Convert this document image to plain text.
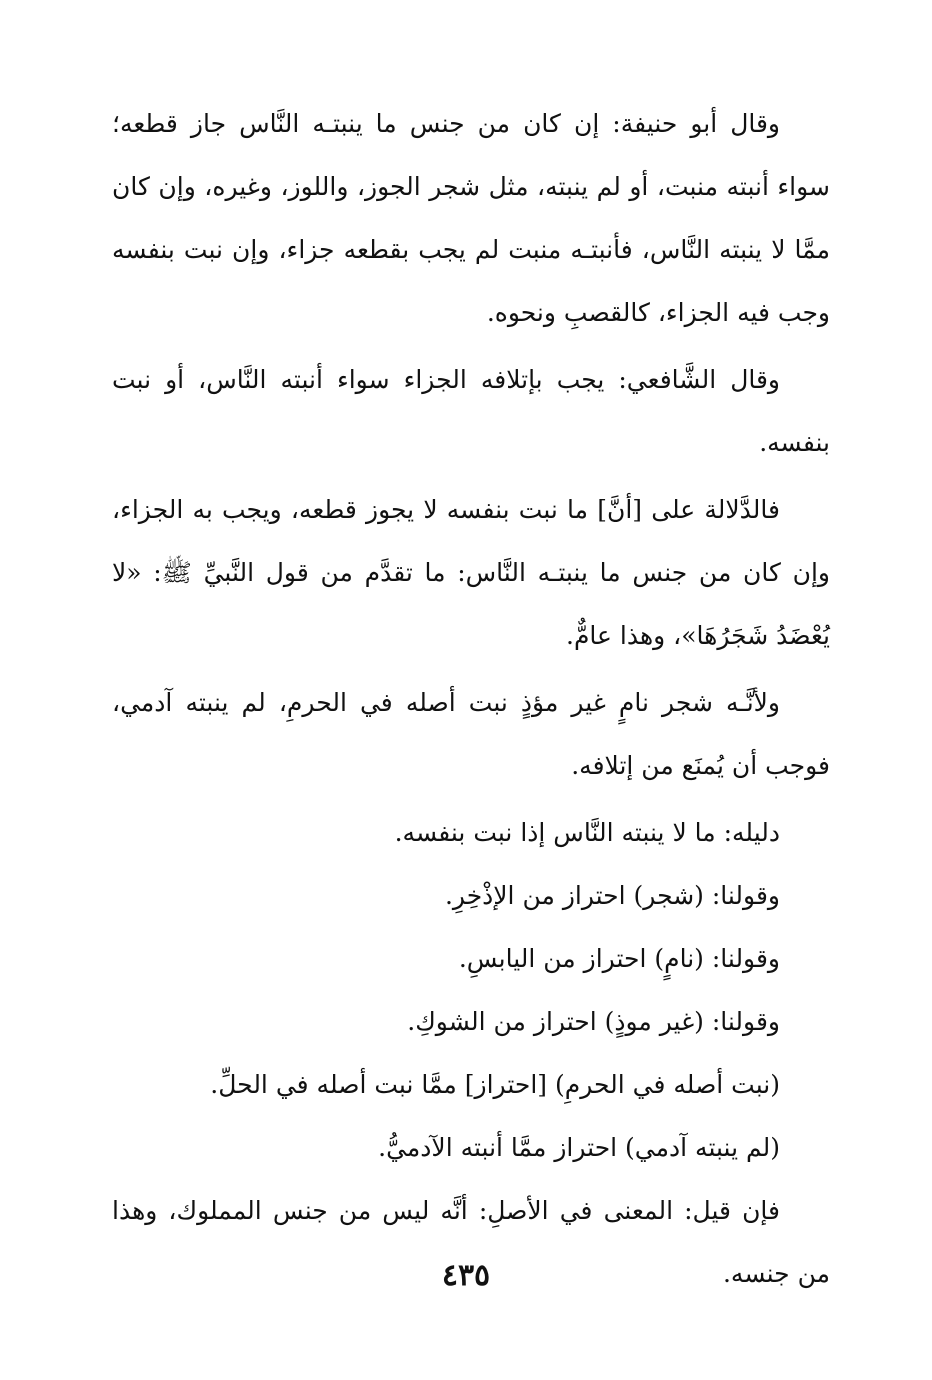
وقال أبو حنيفة: إن كان من جنس ما ينبتـه النَّاس جاز قطعه؛ سواء أنبته منبت، أو لم ينبته، مثل شجر الجوز، واللوز، وغيره، وإن كان ممَّا لا ينبته النَّاس، فأنبتـه منبت لم يجب بقطعه جزاء، وإن نبت بنفسه وجب فيه الجزاء، كالقصبِ ونحوه.

وقال الشَّافعي: يجب بإتلافه الجزاء سواء أنبته النَّاس، أو نبت بنفسه.

فالدَّلالة على [أنَّ] ما نبت بنفسه لا يجوز قطعه، ويجب به الجزاء، وإن كان من جنس ما ينبتـه النَّاس: ما تقدَّم من قول النَّبيِّ ﷺ: «لا يُعْضَدُ شَجَرُهَا»، وهذا عامٌّ.

ولأنَّـه شجر نامٍ غير مؤذٍ نبت أصله في الحرمِ، لم ينبته آدمي، فوجب أن يُمنَع من إتلافه.

دليله: ما لا ينبته النَّاس إذا نبت بنفسه.

وقولنا: (شجر) احتراز من الإذْخِرِ.

وقولنا: (نامٍ) احتراز من اليابسِ.

وقولنا: (غير موذٍ) احتراز من الشوكِ.

(نبت أصله في الحرمِ) [احتراز] ممَّا نبت أصله في الحلِّ.

(لم ينبته آدمي) احتراز ممَّا أنبته الآدميُّ.

فإن قيل: المعنى في الأصلِ: أنَّه ليس من جنس المملوك، وهذا من جنسه.

٤٣٥
